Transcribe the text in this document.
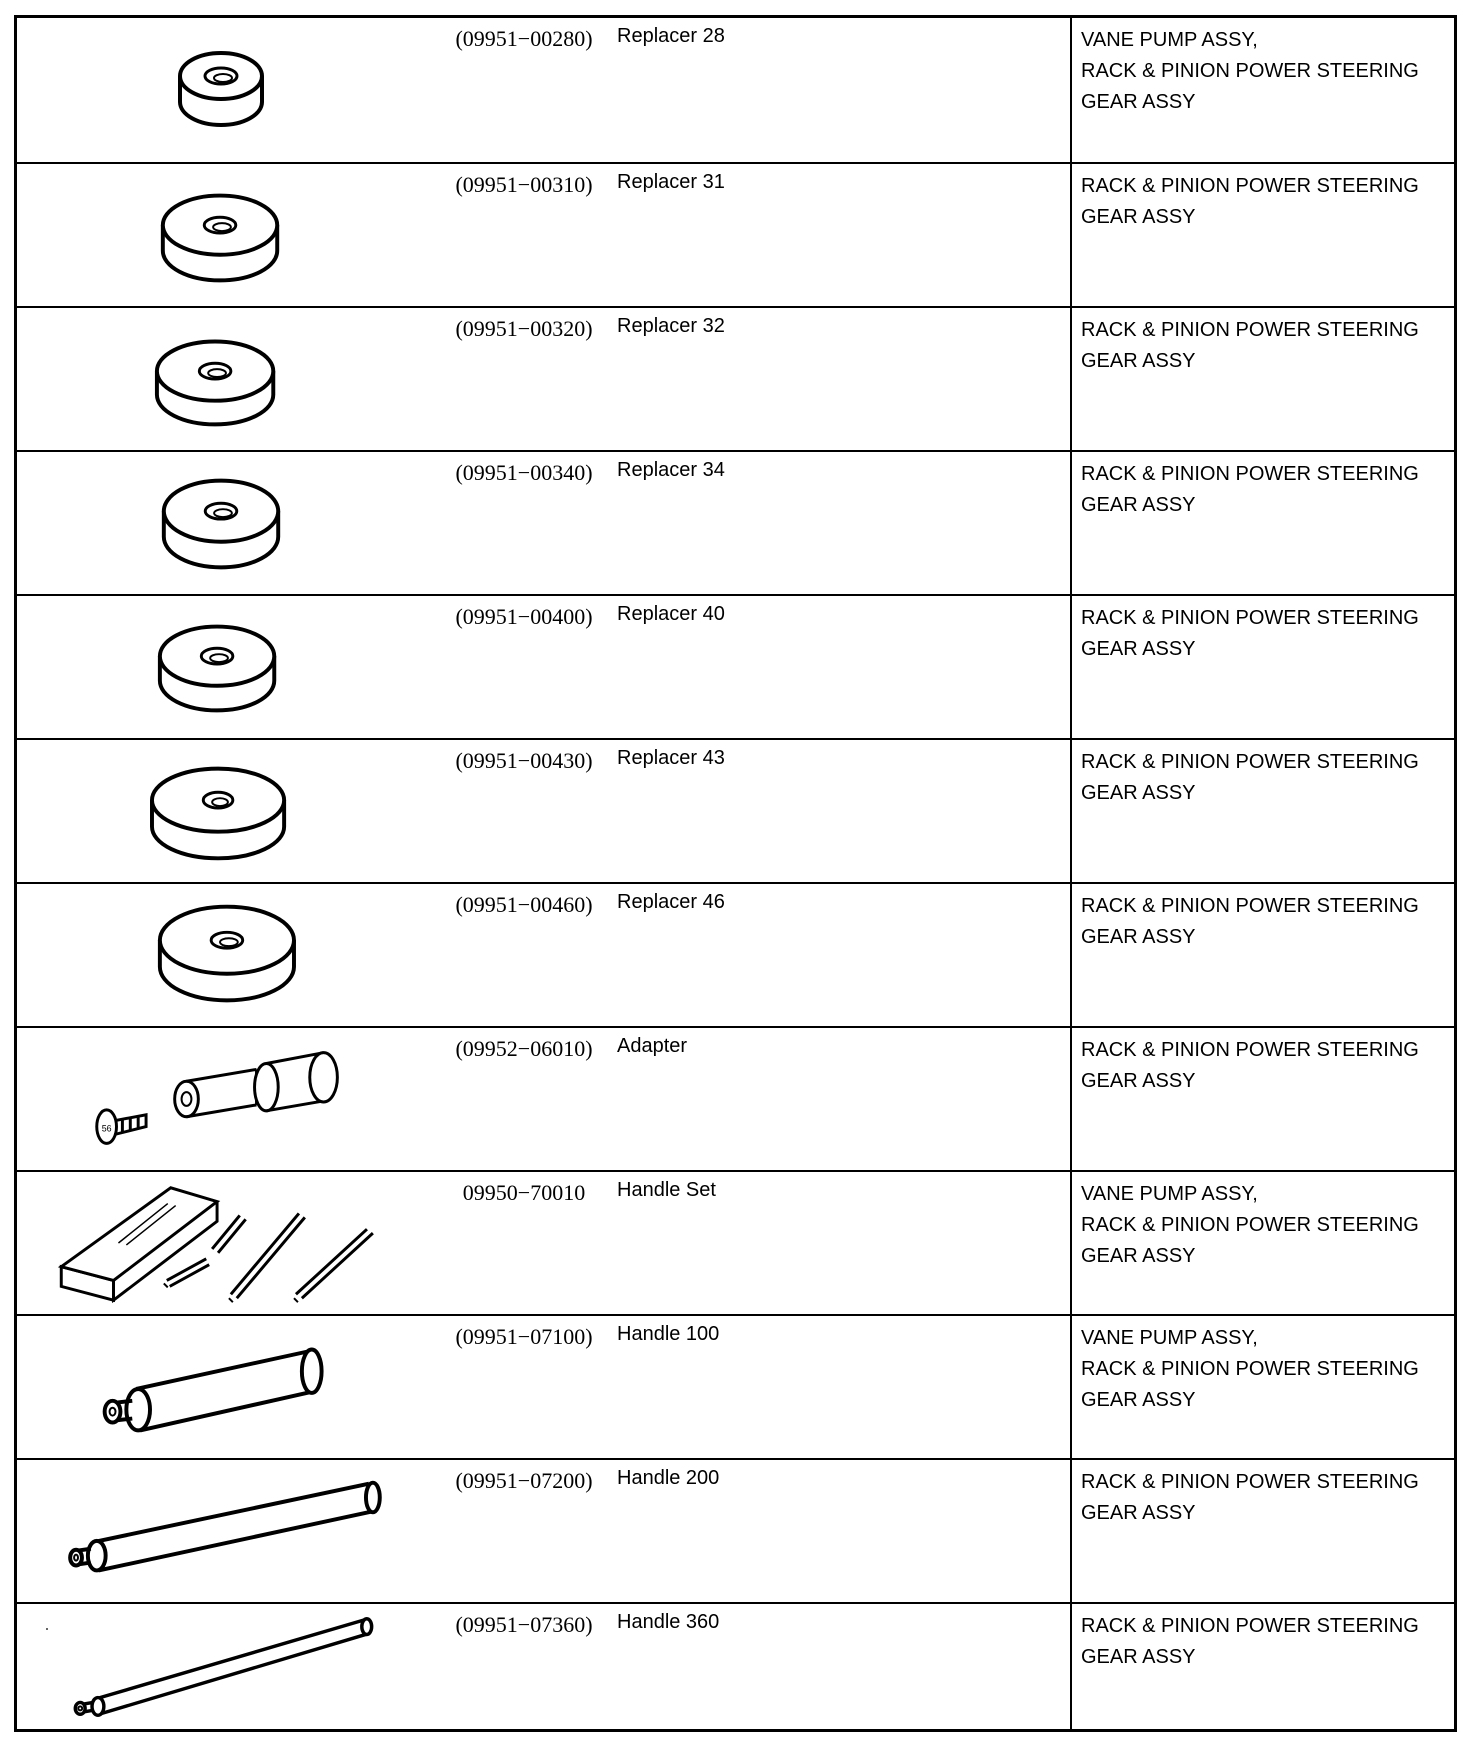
(09951−00280)	Replacer 28	VANE PUMP ASSY,
RACK & PINION POWER STEERING
GEAR ASSY
(09951−00310)	Replacer 31	RACK & PINION POWER STEERING
GEAR ASSY
(09951−00320)	Replacer 32	RACK & PINION POWER STEERING
GEAR ASSY
(09951−00340)	Replacer 34	RACK & PINION POWER STEERING
GEAR ASSY
(09951−00400)	Replacer 40	RACK & PINION POWER STEERING
GEAR ASSY
(09951−00430)	Replacer 43	RACK & PINION POWER STEERING
GEAR ASSY
(09951−00460)	Replacer 46	RACK & PINION POWER STEERING
GEAR ASSY
56
(09952−06010)	Adapter	RACK & PINION POWER STEERING
GEAR ASSY
09950−70010	Handle Set	VANE PUMP ASSY,
RACK & PINION POWER STEERING
GEAR ASSY
(09951−07100)	Handle 100	VANE PUMP ASSY,
RACK & PINION POWER STEERING
GEAR ASSY
(09951−07200)	Handle 200	RACK & PINION POWER STEERING
GEAR ASSY
(09951−07360)	Handle 360	RACK & PINION POWER STEERING
GEAR ASSY
